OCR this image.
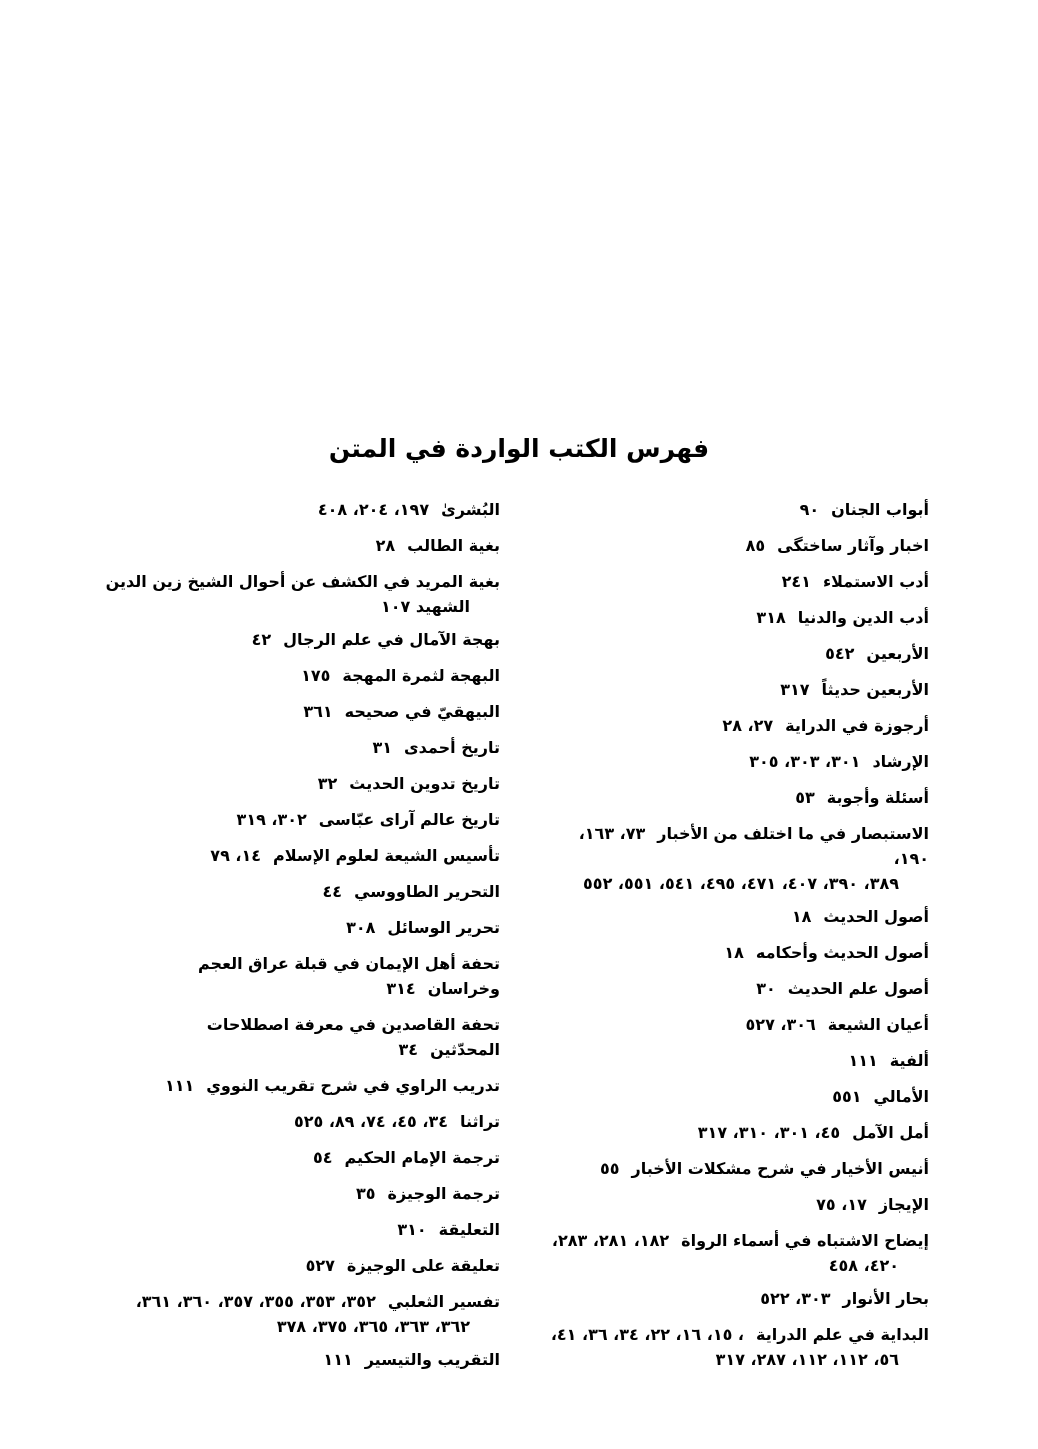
فهرس الكتب الواردة في المتن
أبواب الجنان٩٠
اخبار وآثار ساختگى٨٥
أدب الاستملاء٢٤١
أدب الدين والدنيا٣١٨
الأربعين٥٤٢
الأربعين حديثاً٣١٧
أرجوزة في الدراية٢٧، ٢٨
الإرشاد٣٠١، ٣٠٣، ٣٠٥
أسئلة وأجوبة٥٣
الاستبصار في ما اختلف من الأخبار٧٣، ١٦٣، ١٩٠،
٣٨٩، ٣٩٠، ٤٠٧، ٤٧١، ٤٩٥، ٥٤١، ٥٥١، ٥٥٢
أصول الحديث١٨
أصول الحديث وأحكامه١٨
أصول علم الحديث٣٠
أعيان الشيعة٣٠٦، ٥٢٧
ألفية١١١
الأمالي٥٥١
أمل الآمل٤٥، ٣٠١، ٣١٠، ٣١٧
أنيس الأخيار في شرح مشكلات الأخبار٥٥
الإيجاز١٧، ٧٥
إيضاح الاشتباه في أسماء الرواة١٨٢، ٢٨١، ٢٨٣،
٤٢٠، ٤٥٨
بحار الأنوار٣٠٣، ٥٢٢
البداية في علم الدراية، ١٥، ١٦، ٢٢، ٣٤، ٣٦، ٤١،
٥٦، ١١٢، ١١٢، ٢٨٧، ٣١٧
البُشرىٰ١٩٧، ٢٠٤، ٤٠٨
بغية الطالب٢٨
بغية المريد في الكشف عن أحوال الشيخ زين الدين
الشهيد ١٠٧
بهجة الآمال في علم الرجال٤٢
البهجة لثمرة المهجة١٧٥
البيهقيّ في صحيحه٣٦١
تاريخ أحمدى٣١
تاريخ تدوين الحديث٣٢
تاريخ عالم آراى عبّاسى٣٠٢، ٣١٩
تأسيس الشيعة لعلوم الإسلام١٤، ٧٩
التحرير الطاووسي٤٤
تحرير الوسائل٣٠٨
تحفة أهل الإيمان في قبلة عراق العجم وخراسان٣١٤
تحفة القاصدين في معرفة اصطلاحات المحدّثين٣٤
تدريب الراوي في شرح تقريب النووي١١١
تراثنا٣٤، ٤٥، ٧٤، ٨٩، ٥٢٥
ترجمة الإمام الحكيم٥٤
ترجمة الوجيزة٣٥
التعليقة٣١٠
تعليقة على الوجيزة٥٢٧
تفسير الثعلبي٣٥٢، ٣٥٣، ٣٥٥، ٣٥٧، ٣٦٠، ٣٦١،
٣٦٢، ٣٦٣، ٣٦٥، ٣٧٥، ٣٧٨
التقريب والتيسير١١١
